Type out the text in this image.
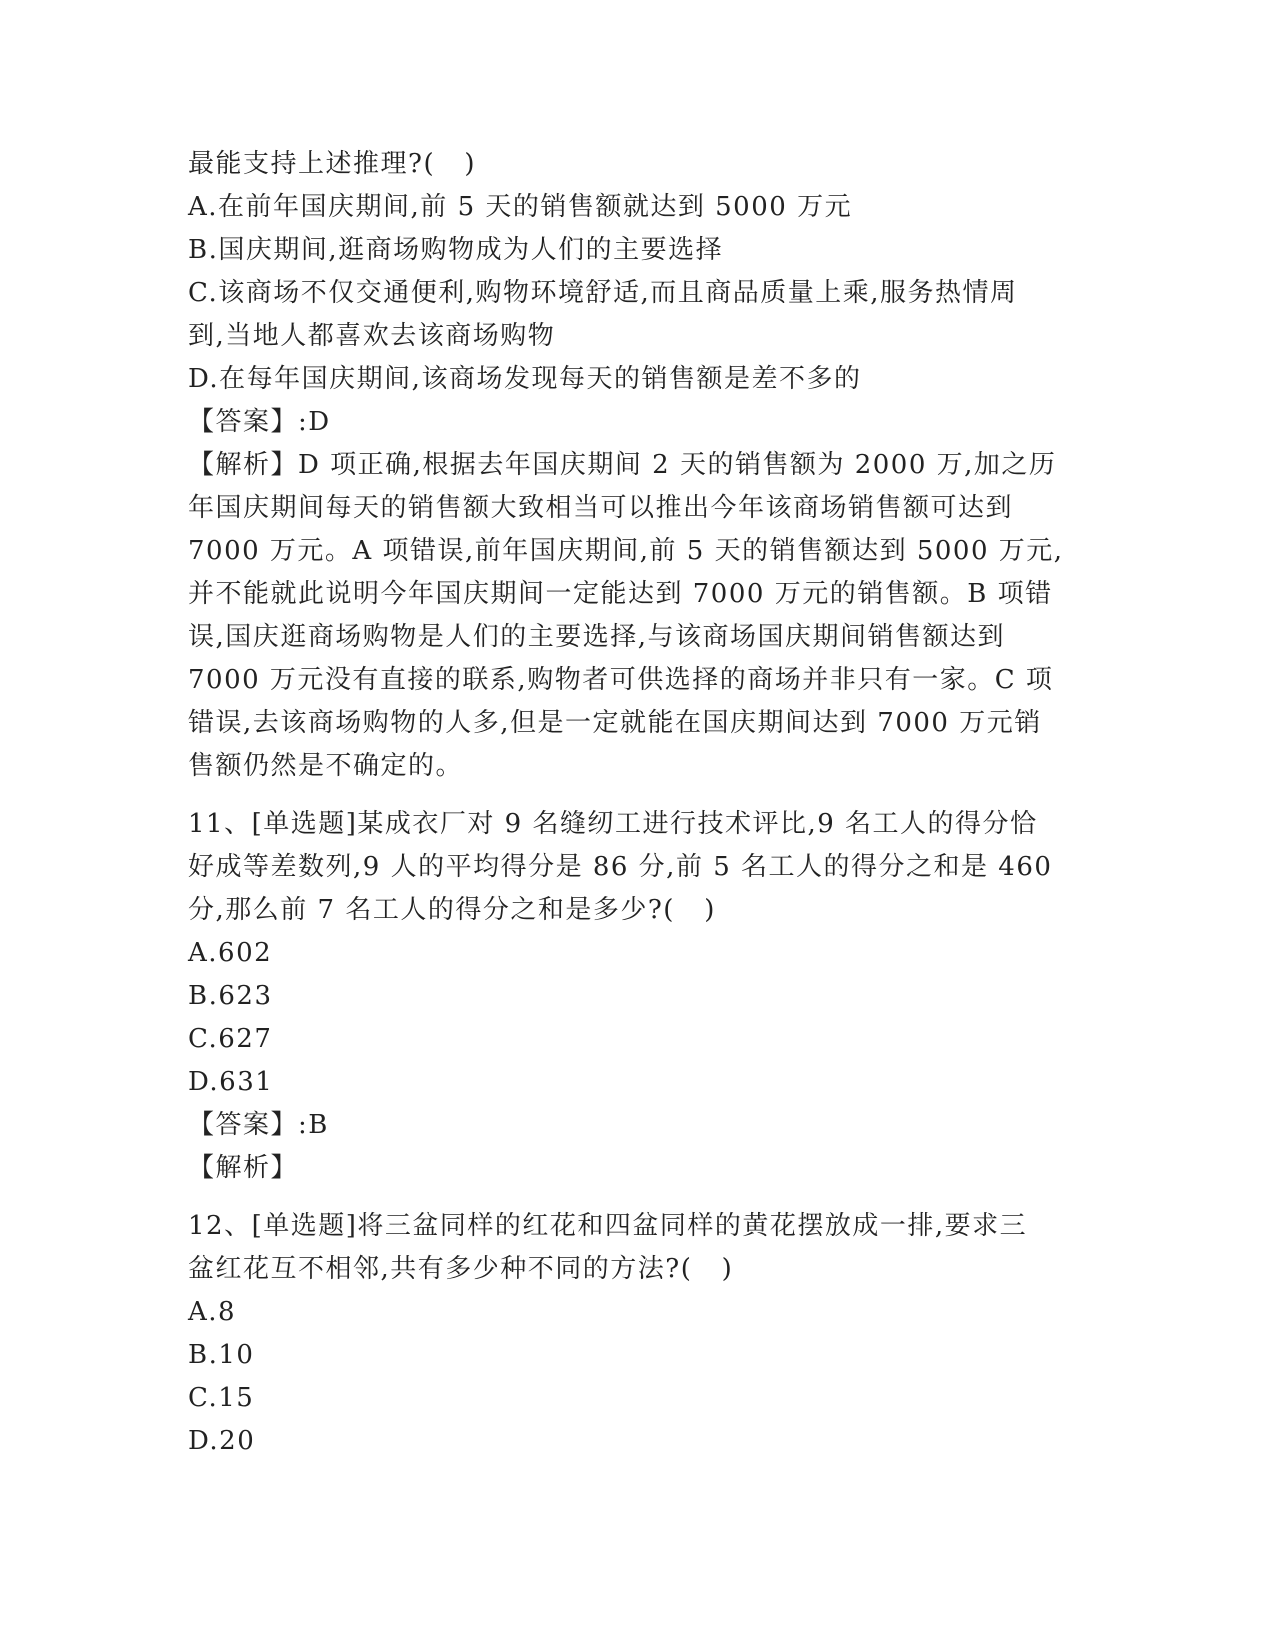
最能支持上述推理?(   )

A.在前年国庆期间,前 5 天的销售额就达到 5000 万元

B.国庆期间,逛商场购物成为人们的主要选择

C.该商场不仅交通便利,购物环境舒适,而且商品质量上乘,服务热情周

到,当地人都喜欢去该商场购物

D.在每年国庆期间,该商场发现每天的销售额是差不多的

【答案】:D

【解析】D 项正确,根据去年国庆期间 2 天的销售额为 2000 万,加之历

年国庆期间每天的销售额大致相当可以推出今年该商场销售额可达到

7000 万元。A 项错误,前年国庆期间,前 5 天的销售额达到 5000 万元,

并不能就此说明今年国庆期间一定能达到 7000 万元的销售额。B 项错

误,国庆逛商场购物是人们的主要选择,与该商场国庆期间销售额达到

7000 万元没有直接的联系,购物者可供选择的商场并非只有一家。C 项

错误,去该商场购物的人多,但是一定就能在国庆期间达到 7000 万元销

售额仍然是不确定的。

11、[单选题]某成衣厂对 9 名缝纫工进行技术评比,9 名工人的得分恰

好成等差数列,9 人的平均得分是 86 分,前 5 名工人的得分之和是 460

分,那么前 7 名工人的得分之和是多少?(   )

A.602

B.623

C.627

D.631

【答案】:B

【解析】

12、[单选题]将三盆同样的红花和四盆同样的黄花摆放成一排,要求三

盆红花互不相邻,共有多少种不同的方法?(   )

A.8

B.10

C.15

D.20
